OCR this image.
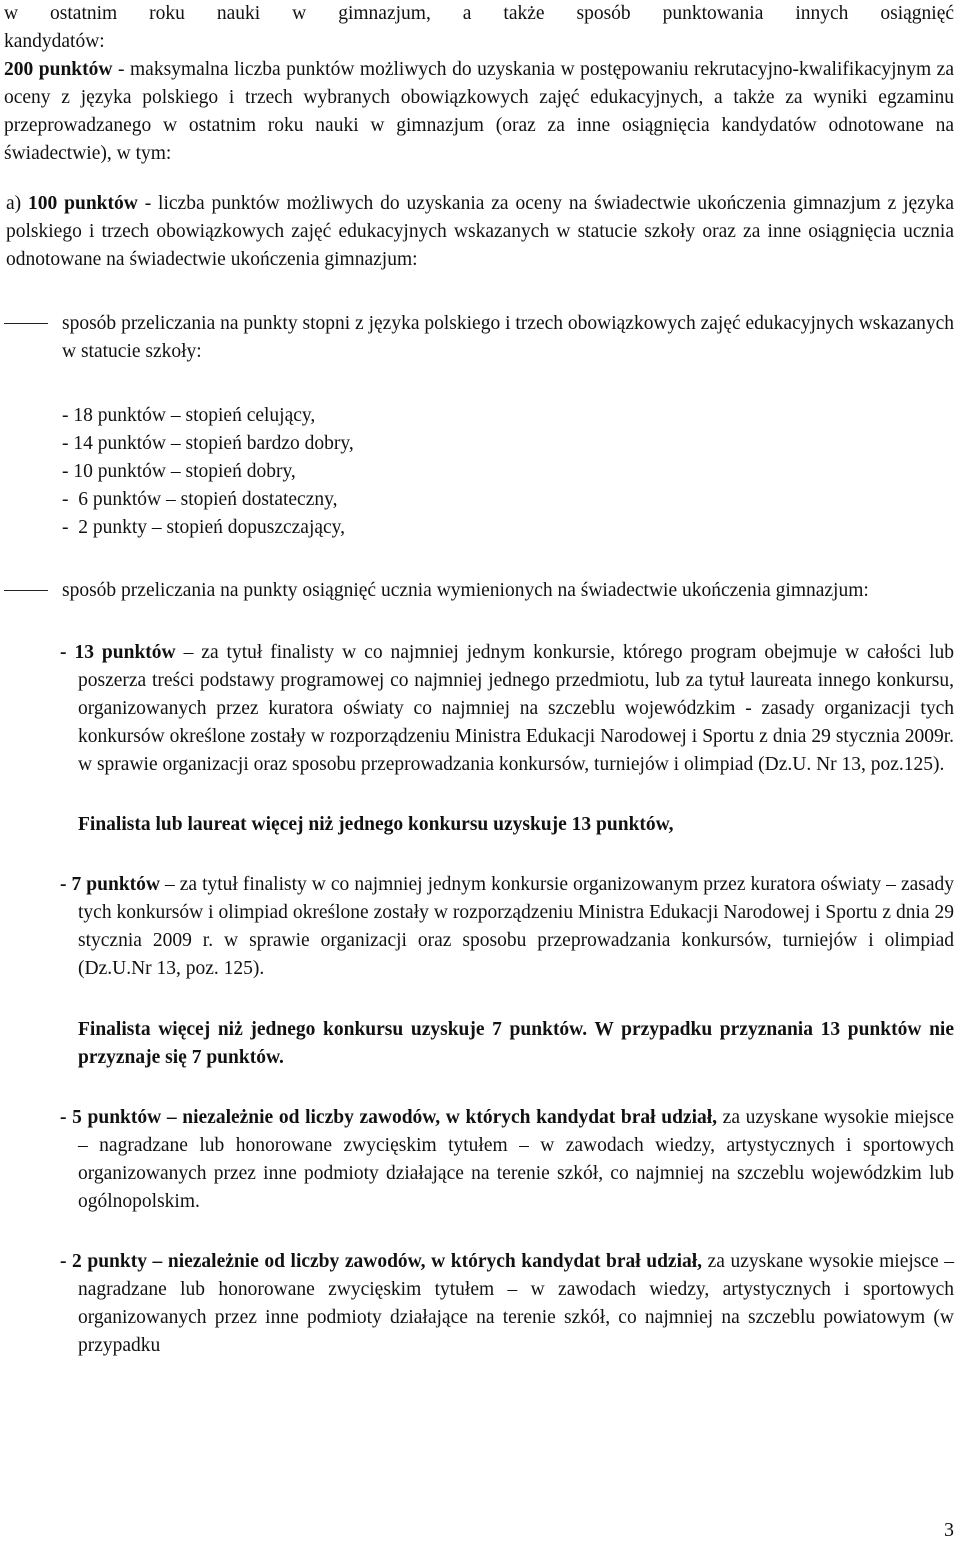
w ostatnim roku nauki w gimnazjum, a także sposób punktowania innych osiągnięć

kandydatów:

200 punktów - maksymalna liczba punktów możliwych do uzyskania w postępowaniu rekrutacyjno-kwalifikacyjnym za oceny z języka polskiego i trzech wybranych obowiązkowych zajęć edukacyjnych, a także za wyniki egzaminu przeprowadzanego w ostatnim roku nauki w gimnazjum (oraz za inne osiągnięcia kandydatów odnotowane na świadectwie), w tym:

a) 100 punktów - liczba punktów możliwych do uzyskania za oceny na świadectwie ukończenia gimnazjum z języka polskiego i trzech obowiązkowych zajęć edukacyjnych wskazanych w statucie szkoły oraz za inne osiągnięcia ucznia odnotowane na świadectwie ukończenia gimnazjum:

sposób przeliczania na punkty stopni z języka polskiego i trzech obowiązkowych zajęć edukacyjnych wskazanych w statucie szkoły:

- 18 punktów – stopień celujący,
- 14 punktów – stopień bardzo dobry,
- 10 punktów – stopień dobry,
-  6 punktów – stopień dostateczny,
-  2 punkty – stopień dopuszczający,

sposób przeliczania na punkty osiągnięć ucznia wymienionych na świadectwie ukończenia gimnazjum:

- 13 punktów – za tytuł finalisty w co najmniej jednym konkursie, którego program obejmuje w całości lub poszerza treści podstawy programowej co najmniej jednego przedmiotu, lub za tytuł laureata innego konkursu, organizowanych przez kuratora oświaty co najmniej na szczeblu wojewódzkim - zasady organizacji tych konkursów określone zostały w rozporządzeniu Ministra Edukacji Narodowej i Sportu z dnia 29 stycznia 2009r. w sprawie organizacji oraz sposobu przeprowadzania konkursów, turniejów i olimpiad (Dz.U. Nr 13, poz.125).

Finalista lub laureat więcej niż jednego konkursu uzyskuje 13 punktów,

- 7 punktów – za tytuł finalisty w co najmniej jednym konkursie organizowanym przez kuratora oświaty – zasady tych konkursów i olimpiad określone zostały w rozporządzeniu Ministra Edukacji Narodowej i Sportu z dnia 29 stycznia 2009 r. w sprawie organizacji oraz sposobu przeprowadzania konkursów, turniejów i olimpiad (Dz.U.Nr 13, poz. 125).

Finalista więcej niż jednego konkursu uzyskuje 7 punktów. W przypadku przyznania 13 punktów nie przyznaje się 7 punktów.

- 5 punktów – niezależnie od liczby zawodów, w których kandydat brał udział, za uzyskane wysokie miejsce – nagradzane lub honorowane zwycięskim tytułem – w zawodach wiedzy, artystycznych i sportowych organizowanych przez inne podmioty działające na terenie szkół, co najmniej na szczeblu wojewódzkim lub ogólnopolskim.

- 2 punkty – niezależnie od liczby zawodów, w których kandydat brał udział, za uzyskane wysokie miejsce – nagradzane lub honorowane zwycięskim tytułem – w zawodach wiedzy, artystycznych i sportowych organizowanych przez inne podmioty działające na terenie szkół, co najmniej na szczeblu powiatowym (w przypadku

3
